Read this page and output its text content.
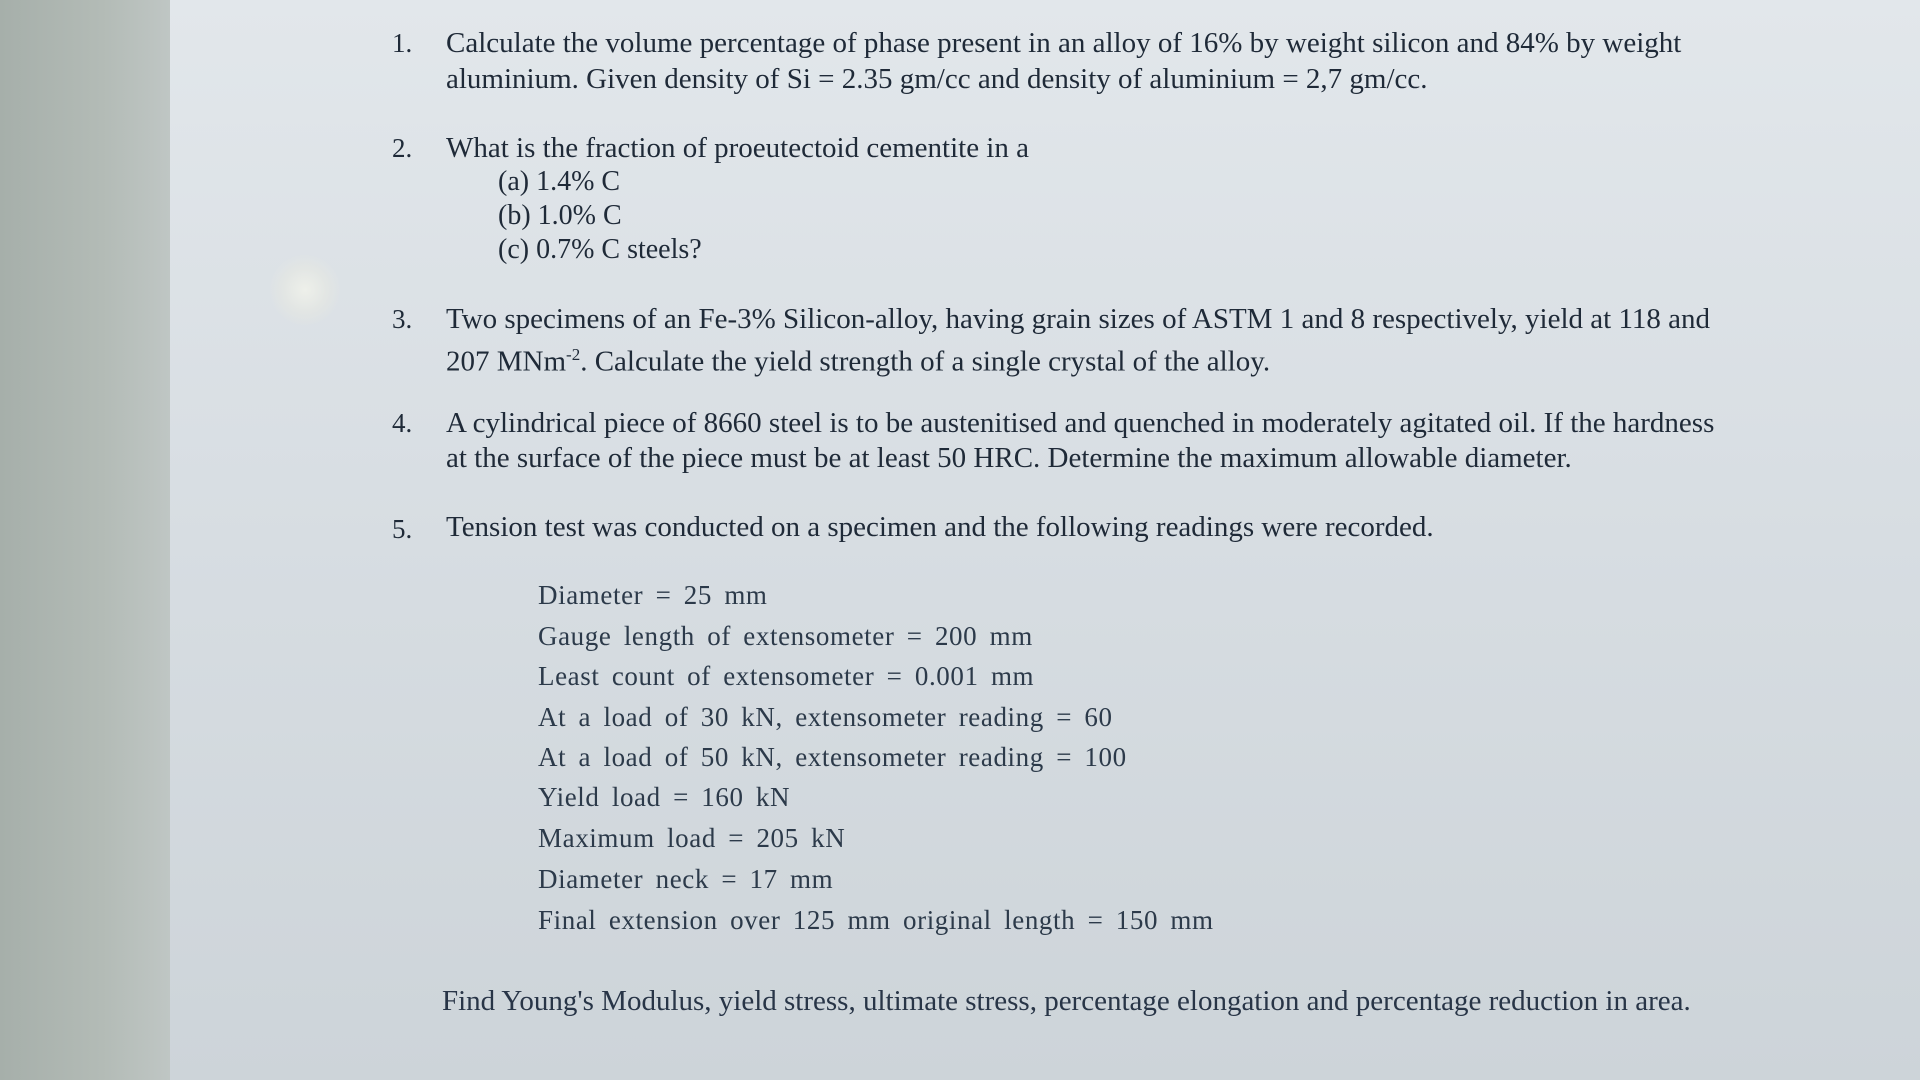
1. Calculate the volume percentage of phase present in an alloy of 16% by weight silicon and 84% by weight
aluminium. Given density of Si = 2.35 gm/cc and density of aluminium = 2,7 gm/cc.
2. What is the fraction of proeutectoid cementite in a
(a) 1.4% C
(b) 1.0% C
(c) 0.7% C steels?
3. Two specimens of an Fe-3% Silicon-alloy, having grain sizes of ASTM 1 and 8 respectively, yield at 118 and
207 MNm$^{-2}$. Calculate the yield strength of a single crystal of the alloy.
4. A cylindrical piece of 8660 steel is to be austenitised and quenched in moderately agitated oil. If the hardness
at the surface of the piece must be at least 50 HRC. Determine the maximum allowable diameter.
5. Tension test was conducted on a specimen and the following readings were recorded.
Diameter = 25 mm
Gauge length of extensometer = 200 mm
Least count of extensometer = 0.001 mm
At a load of 30 kN, extensometer reading = 60
At a load of 50 kN, extensometer reading = 100
Yield load = 160 kN
Maximum load = 205 kN
Diameter neck = 17 mm
Final extension over 125 mm original length = 150 mm
Find Young's Modulus, yield stress, ultimate stress, percentage elongation and percentage reduction in area.
